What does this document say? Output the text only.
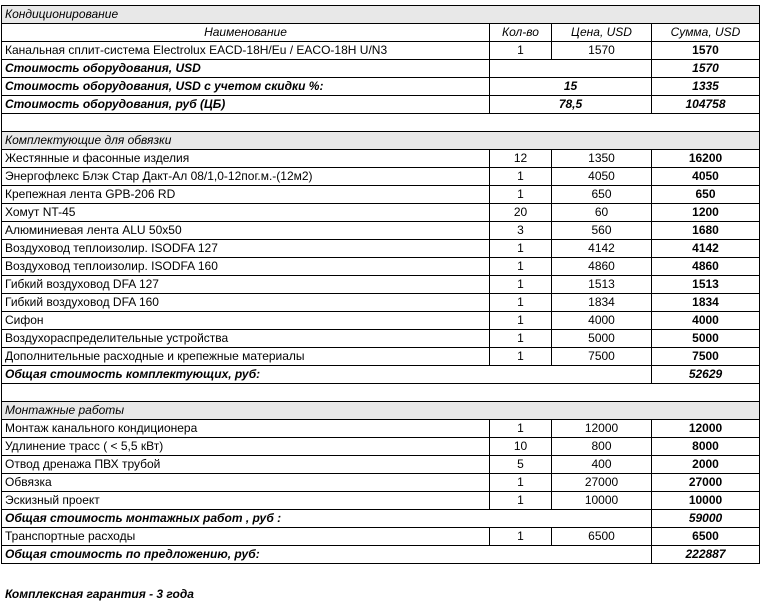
Кондиционирование			
Наименование	Кол-во	Цена, USD	Сумма, USD
Канальная сплит-система Electrolux EACD-18H/Eu / EACO-18H U/N3	1	1570	1570
Стоимость оборудования, USD			1570
Стоимость оборудования, USD с учетом скидки %:	15		1335
Стоимость оборудования, руб (ЦБ)	78,5		104758

Комплектующие для обвязки			
Жестянные и фасонные изделия	12	1350	16200
Энергофлекс Блэк Стар Дакт-Ал 08/1,0-12пог.м.-(12м2)	1	4050	4050
Крепежная лента GPB-206 RD	1	650	650
Хомут NT-45	20	60	1200
Алюминиевая лента ALU 50x50	3	560	1680
Воздуховод теплоизолир. ISODFA 127	1	4142	4142
Воздуховод теплоизолир. ISODFA 160	1	4860	4860
Гибкий воздуховод DFA 127	1	1513	1513
Гибкий воздуховод DFA 160	1	1834	1834
Сифон	1	4000	4000
Воздухораспределительные устройства	1	5000	5000
Дополнительные расходные и крепежные материалы	1	7500	7500
Общая стоимость комплектующих, руб:			52629

Монтажные работы			
Монтаж канального кондиционера	1	12000	12000
Удлинение трасс ( < 5,5 кВт)	10	800	8000
Отвод дренажа ПВХ трубой	5	400	2000
Обвязка	1	27000	27000
Эскизный проект	1	10000	10000
Общая стоимость монтажных работ , руб :			59000
Транспортные расходы	1	6500	6500
Общая стоимость по предложению, руб:			222887
Комплексная гарантия - 3 года
